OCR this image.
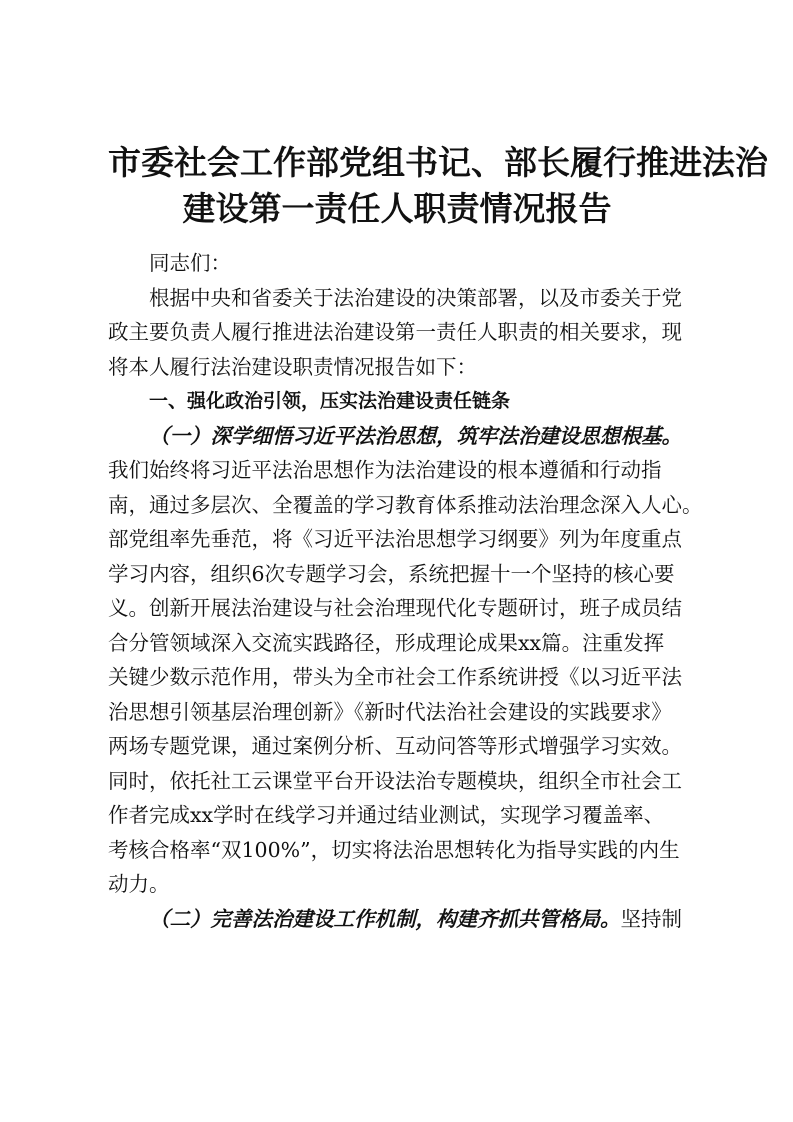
市委社会工作部党组书记、部长履行推进法治
建设第一责任人职责情况报告
同志们：
根据中央和省委关于法治建设的决策部署，以及市委关于党
政主要负责人履行推进法治建设第一责任人职责的相关要求，现
将本人履行法治建设职责情况报告如下：
一、强化政治引领，压实法治建设责任链条
（一）深学细悟习近平法治思想，筑牢法治建设思想根基。
我们始终将习近平法治思想作为法治建设的根本遵循和行动指
南，通过多层次、全覆盖的学习教育体系推动法治理念深入人心。
部党组率先垂范，将《习近平法治思想学习纲要》列为年度重点
学习内容，组织6次专题学习会，系统把握十一个坚持的核心要
义。创新开展法治建设与社会治理现代化专题研讨，班子成员结
合分管领域深入交流实践路径，形成理论成果xx篇。注重发挥
关键少数示范作用，带头为全市社会工作系统讲授《以习近平法
治思想引领基层治理创新》《新时代法治社会建设的实践要求》
两场专题党课，通过案例分析、互动问答等形式增强学习实效。
同时，依托社工云课堂平台开设法治专题模块，组织全市社会工
作者完成xx学时在线学习并通过结业测试，实现学习覆盖率、
考核合格率“双100%”，切实将法治思想转化为指导实践的内生
动力。
（二）完善法治建设工作机制，构建齐抓共管格局。坚持制
